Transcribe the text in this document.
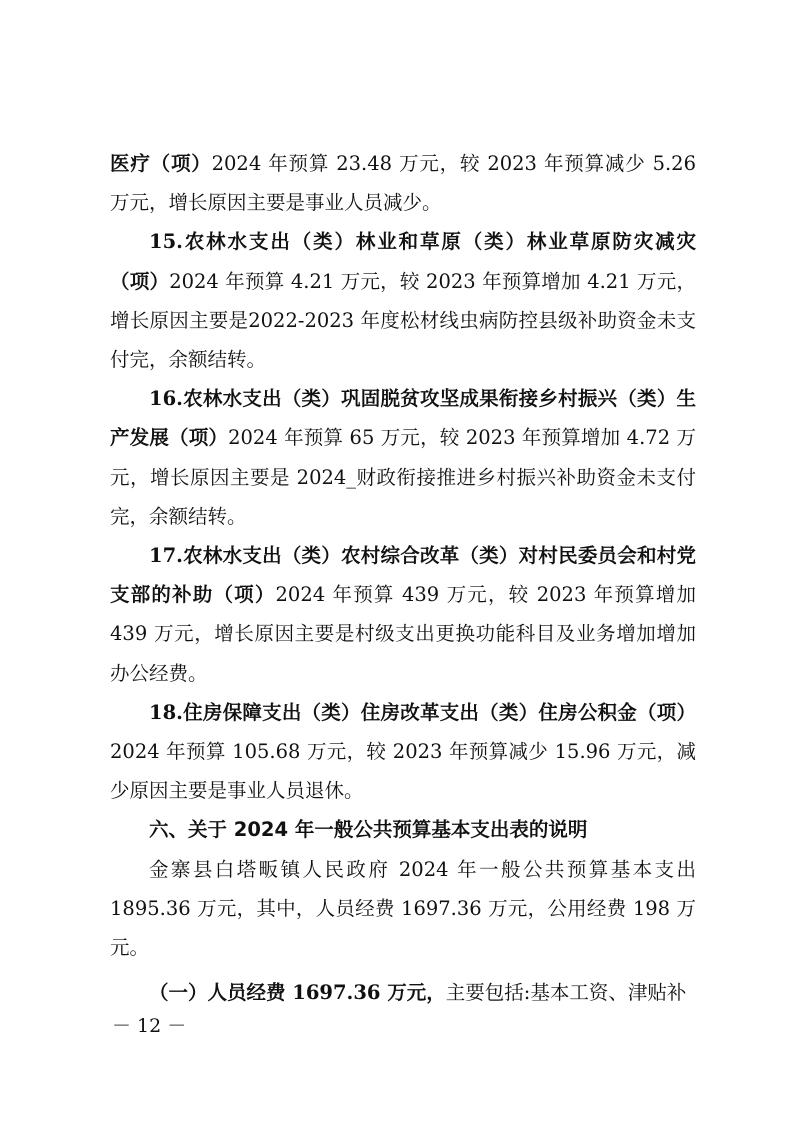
医疗（项）2024 年预算 23.48 万元，较 2023 年预算减少 5.26 万元，增长原因主要是事业人员减少。

15.农林水支出（类）林业和草原（类）林业草原防灾减灾（项）2024 年预算 4.21 万元，较 2023 年预算增加 4.21 万元，增长原因主要是2022-2023 年度松材线虫病防控县级补助资金未支付完，余额结转。

16.农林水支出（类）巩固脱贫攻坚成果衔接乡村振兴（类）生产发展（项）2024 年预算 65 万元，较 2023 年预算增加 4.72 万元，增长原因主要是 2024_财政衔接推进乡村振兴补助资金未支付完，余额结转。

17.农林水支出（类）农村综合改革（类）对村民委员会和村党支部的补助（项）2024 年预算 439 万元，较 2023 年预算增加 439 万元，增长原因主要是村级支出更换功能科目及业务增加增加办公经费。

18.住房保障支出（类）住房改革支出（类）住房公积金（项）2024 年预算 105.68 万元，较 2023 年预算减少 15.96 万元，减少原因主要是事业人员退休。

六、关于 2024 年一般公共预算基本支出表的说明

金寨县白塔畈镇人民政府 2024 年一般公共预算基本支出 1895.36 万元，其中，人员经费 1697.36 万元，公用经费 198 万元。

（一）人员经费 1697.36 万元，主要包括:基本工资、津贴补

－ 12 －
